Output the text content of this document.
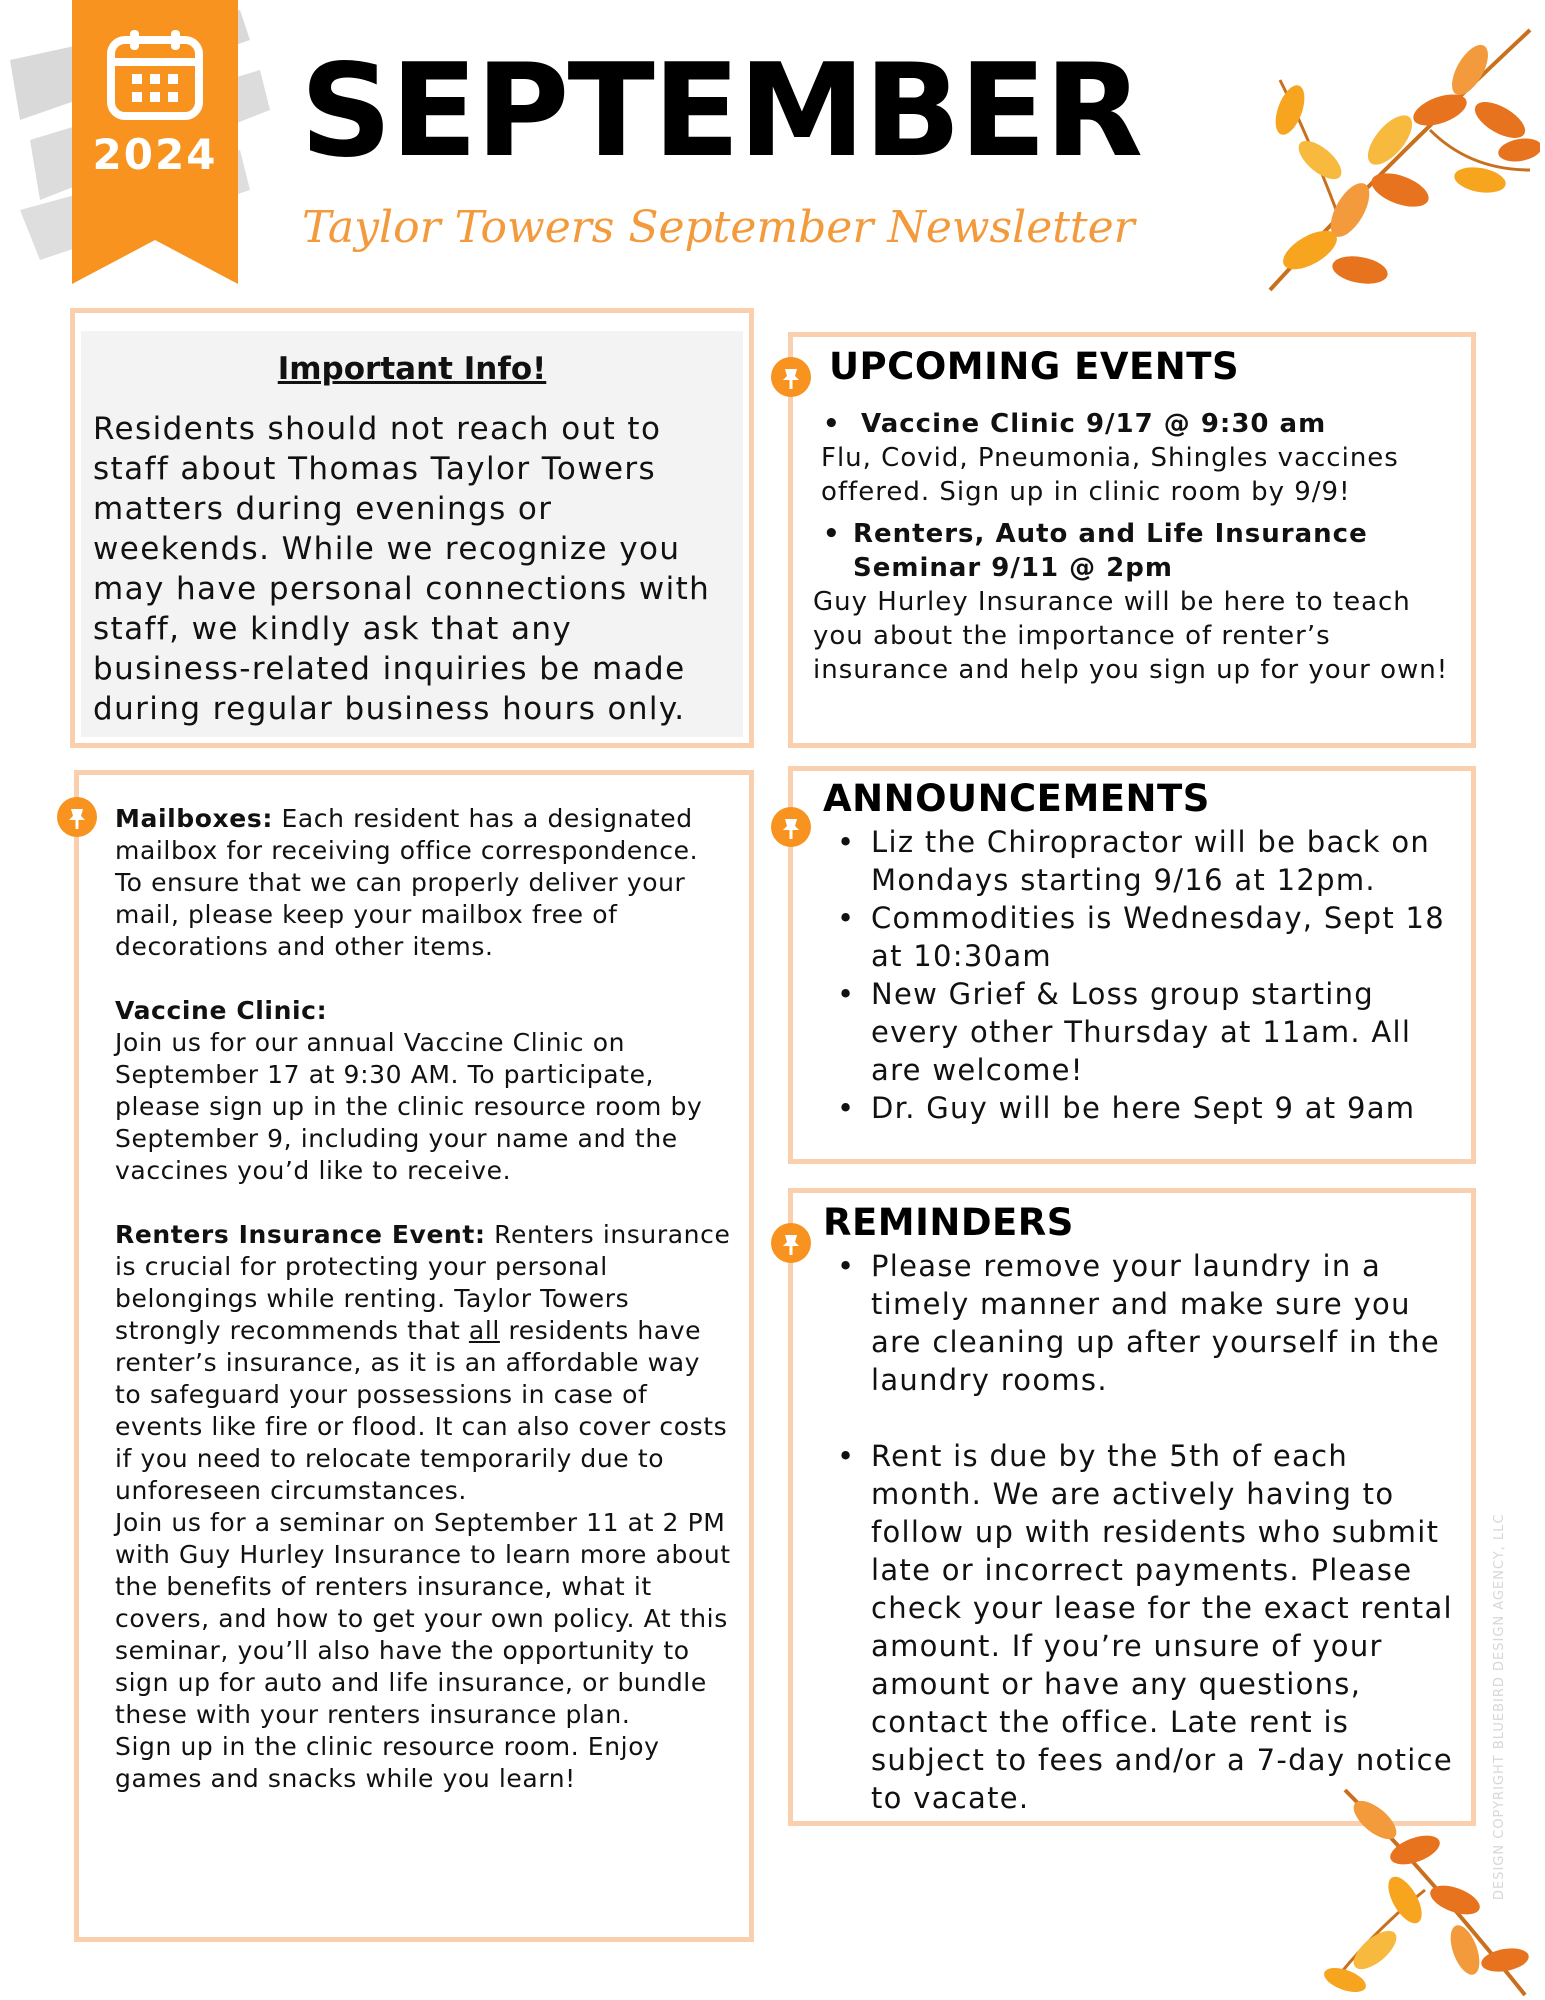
2024 SEPTEMBER
Taylor Towers September Newsletter
Important Info!
Residents should not reach out to staff about Thomas Taylor Towers matters during evenings or weekends. While we recognize you may have personal connections with staff, we kindly ask that any business-related inquiries be made during regular business hours only.

Mailboxes: Each resident has a designated mailbox for receiving office correspondence. To ensure that we can properly deliver your mail, please keep your mailbox free of decorations and other items.

Vaccine Clinic:

Join us for our annual Vaccine Clinic on September 17 at 9:30 AM. To participate, please sign up in the clinic resource room by September 9, including your name and the vaccines you’d like to receive.

Renters Insurance Event: Renters insurance is crucial for protecting your personal belongings while renting. Taylor Towers strongly recommends that all residents have renter’s insurance, as it is an affordable way to safeguard your possessions in case of events like fire or flood. It can also cover costs if you need to relocate temporarily due to unforeseen circumstances.

Join us for a seminar on September 11 at 2 PM with Guy Hurley Insurance to learn more about the benefits of renters insurance, what it covers, and how to get your own policy. At this seminar, you’ll also have the opportunity to sign up for auto and life insurance, or bundle these with your renters insurance plan.

Sign up in the clinic resource room. Enjoy games and snacks while you learn!

UPCOMING EVENTS
• Vaccine Clinic 9/17 @ 9:30 am
Flu, Covid, Pneumonia, Shingles vaccines offered. Sign up in clinic room by 9/9!
• Renters, Auto and Life Insurance Seminar 9/11 @ 2pm
Guy Hurley Insurance will be here to teach you about the importance of renter’s insurance and help you sign up for your own!
ANNOUNCEMENTS
• Liz the Chiropractor will be back on Mondays starting 9/16 at 12pm.
• Commodities is Wednesday, Sept 18 at 10:30am
• New Grief & Loss group starting every other Thursday at 11am. All are welcome!
• Dr. Guy will be here Sept 9 at 9am
REMINDERS
• Please remove your laundry in a timely manner and make sure you are cleaning up after yourself in the laundry rooms.
• Rent is due by the 5th of each month. We are actively having to follow up with residents who submit late or incorrect payments. Please check your lease for the exact rental amount. If you’re unsure of your amount or have any questions, contact the office. Late rent is subject to fees and/or a 7-day notice to vacate.	DESIGN COPYRIGHT BLUEBIRD DESIGN AGENCY, LLC
